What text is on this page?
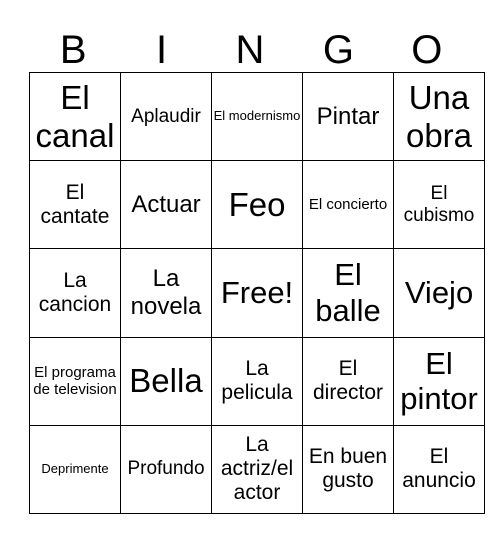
B	I	N	G	O
El canal	Aplaudir	El modernismo	Pintar	Una obra
El cantate	Actuar	Feo	El concierto	El cubismo
La cancion	La novela	Free!	El balle	Viejo
El programa de television	Bella	La pelicula	El director	El pintor
Deprimente	Profundo	La actriz/el actor	En buen gusto	El anuncio
